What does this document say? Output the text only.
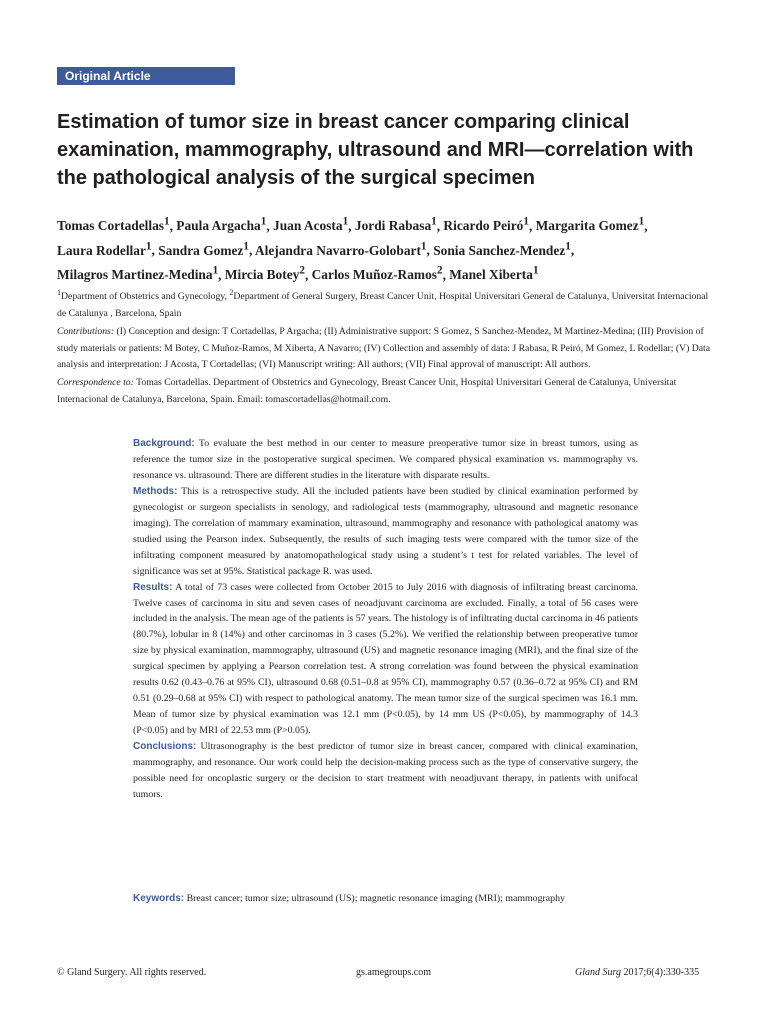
Original Article
Estimation of tumor size in breast cancer comparing clinical examination, mammography, ultrasound and MRI—correlation with the pathological analysis of the surgical specimen

Tomas Cortadellas$^1$, Paula Argacha$^1$, Juan Acosta$^1$, Jordi Rabasa$^1$, Ricardo Peiró$^1$, Margarita Gomez$^1$, Laura Rodellar$^1$, Sandra Gomez$^1$, Alejandra Navarro-Golobart$^1$, Sonia Sanchez-Mendez$^1$, Milagros Martinez-Medina$^1$, Mircia Botey$^2$, Carlos Muñoz-Ramos$^2$, Manel Xiberta$^1$

$^1$Department of Obstetrics and Gynecology, $^2$Department of General Surgery, Breast Cancer Unit, Hospital Universitari General de Catalunya, Universitat Internacional de Catalunya , Barcelona, Spain

Contributions: (I) Conception and design: T Cortadellas, P Argacha; (II) Administrative support: S Gomez, S Sanchez-Mendez, M Martinez-Medina; (III) Provision of study materials or patients: M Botey, C Muñoz-Ramos, M Xiberta, A Navarro; (IV) Collection and assembly of data: J Rabasa, R Peiró, M Gomez, L Rodellar; (V) Data analysis and interpretation: J Acosta, T Cortadellas; (VI) Manuscript writing: All authors; (VII) Final approval of manuscript: All authors.

Correspondence to: Tomas Cortadellas. Department of Obstetrics and Gynecology, Breast Cancer Unit, Hospital Universitari General de Catalunya, Universitat Internacional de Catalunya, Barcelona, Spain. Email: tomascortadellas@hotmail.com.

Background: To evaluate the best method in our center to measure preoperative tumor size in breast tumors, using as reference the tumor size in the postoperative surgical specimen. We compared physical examination vs. mammography vs. resonance vs. ultrasound. There are different studies in the literature with disparate results.

Methods: This is a retrospective study. All the included patients have been studied by clinical examination performed by gynecologist or surgeon specialists in senology, and radiological tests (mammography, ultrasound and magnetic resonance imaging). The correlation of mammary examination, ultrasound, mammography and resonance with pathological anatomy was studied using the Pearson index. Subsequently, the results of such imaging tests were compared with the tumor size of the infiltrating component measured by anatomopathological study using a student’s t test for related variables. The level of significance was set at 95%. Statistical package R. was used.

Results: A total of 73 cases were collected from October 2015 to July 2016 with diagnosis of infiltrating breast carcinoma. Twelve cases of carcinoma in situ and seven cases of neoadjuvant carcinoma are excluded. Finally, a total of 56 cases were included in the analysis. The mean age of the patients is 57 years. The histology is of infiltrating ductal carcinoma in 46 patients (80.7%), lobular in 8 (14%) and other carcinomas in 3 cases (5.2%). We verified the relationship between preoperative tumor size by physical examination, mammography, ultrasound (US) and magnetic resonance imaging (MRI), and the final size of the surgical specimen by applying a Pearson correlation test. A strong correlation was found between the physical examination results 0.62 (0.43–0.76 at 95% CI), ultrasound 0.68 (0.51–0.8 at 95% CI), mammography 0.57 (0.36–0.72 at 95% CI) and RM 0.51 (0.29–0.68 at 95% CI) with respect to pathological anatomy. The mean tumor size of the surgical specimen was 16.1 mm. Mean of tumor size by physical examination was 12.1 mm (P<0.05), by 14 mm US (P<0.05), by mammography of 14.3 (P<0.05) and by MRI of 22.53 mm (P>0.05).

Conclusions: Ultrasonography is the best predictor of tumor size in breast cancer, compared with clinical examination, mammography, and resonance. Our work could help the decision-making process such as the type of conservative surgery, the possible need for oncoplastic surgery or the decision to start treatment with neoadjuvant therapy, in patients with unifocal tumors.

Keywords: Breast cancer; tumor size; ultrasound (US); magnetic resonance imaging (MRI); mammography

© Gland Surgery. All rights reserved.	gs.amegroups.com	Gland Surg 2017;6(4):330-335
